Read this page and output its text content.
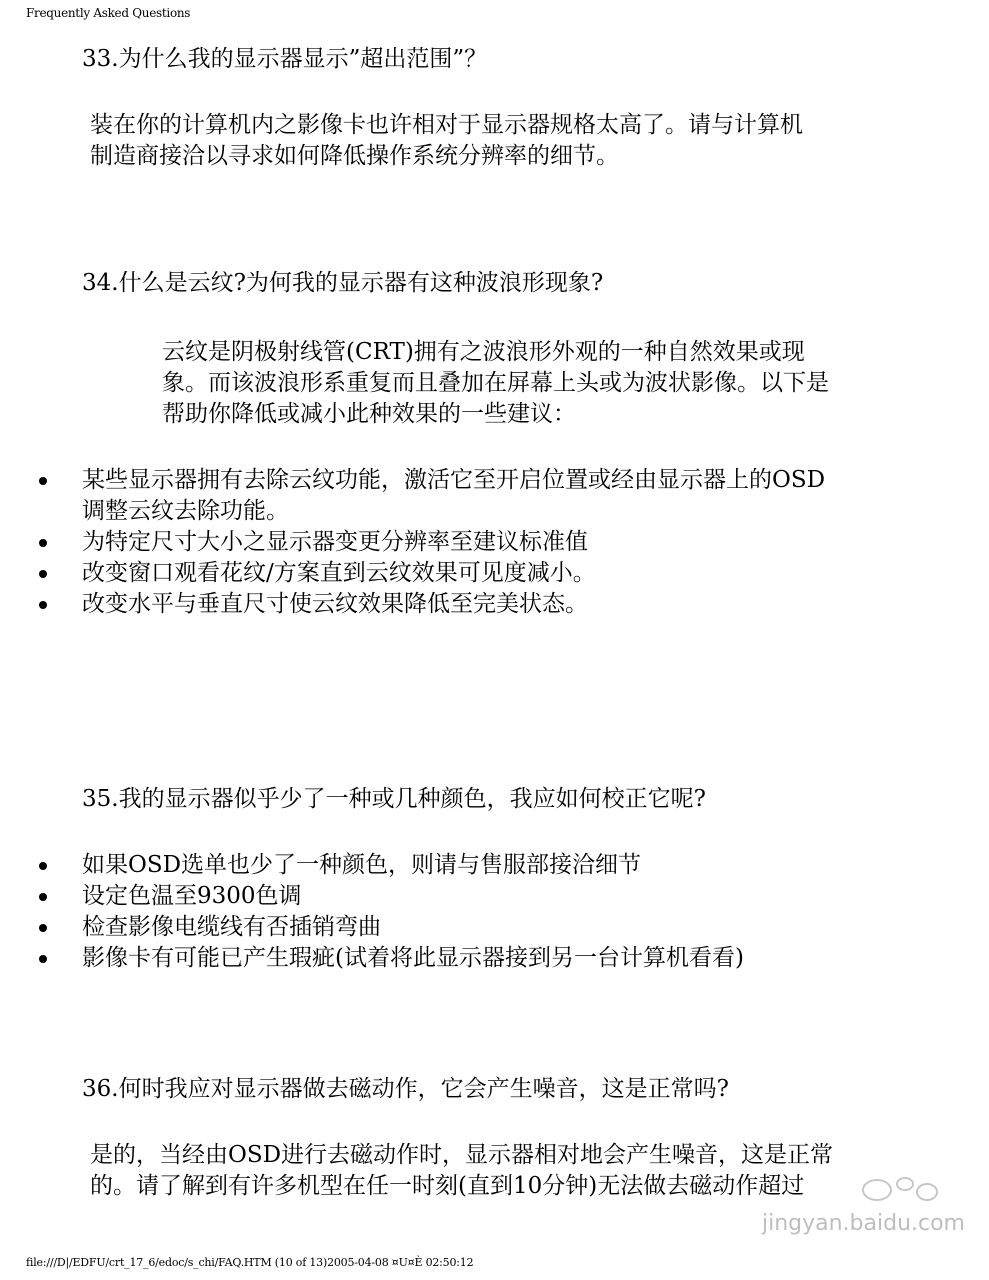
Frequently Asked Questions
33.为什么我的显示器显示”超出范围”？
装在你的计算机内之影像卡也许相对于显示器规格太高了。请与计算机
制造商接洽以寻求如何降低操作系统分辨率的细节。
34.什么是云纹?为何我的显示器有这种波浪形现象?
云纹是阴极射线管(CRT)拥有之波浪形外观的一种自然效果或现
象。而该波浪形系重复而且叠加在屏幕上头或为波状影像。以下是
帮助你降低或减小此种效果的一些建议：
某些显示器拥有去除云纹功能，激活它至开启位置或经由显示器上的OSD
调整云纹去除功能。
为特定尺寸大小之显示器变更分辨率至建议标准值
改变窗口观看花纹/方案直到云纹效果可见度减小。
改变水平与垂直尺寸使云纹效果降低至完美状态。
35.我的显示器似乎少了一种或几种颜色，我应如何校正它呢?
如果OSD选单也少了一种颜色，则请与售服部接洽细节
设定色温至9300色调
检查影像电缆线有否插销弯曲
影像卡有可能已产生瑕疵(试着将此显示器接到另一台计算机看看)
36.何时我应对显示器做去磁动作，它会产生噪音，这是正常吗?
是的，当经由OSD进行去磁动作时，显示器相对地会产生噪音，这是正常
的。请了解到有许多机型在任一时刻(直到10分钟)无法做去磁动作超过
jingyan.baidu.com
file:///D|/EDFU/crt_17_6/edoc/s_chi/FAQ.HTM (10 of 13)2005-04-08 ¤U¤È 02:50:12
